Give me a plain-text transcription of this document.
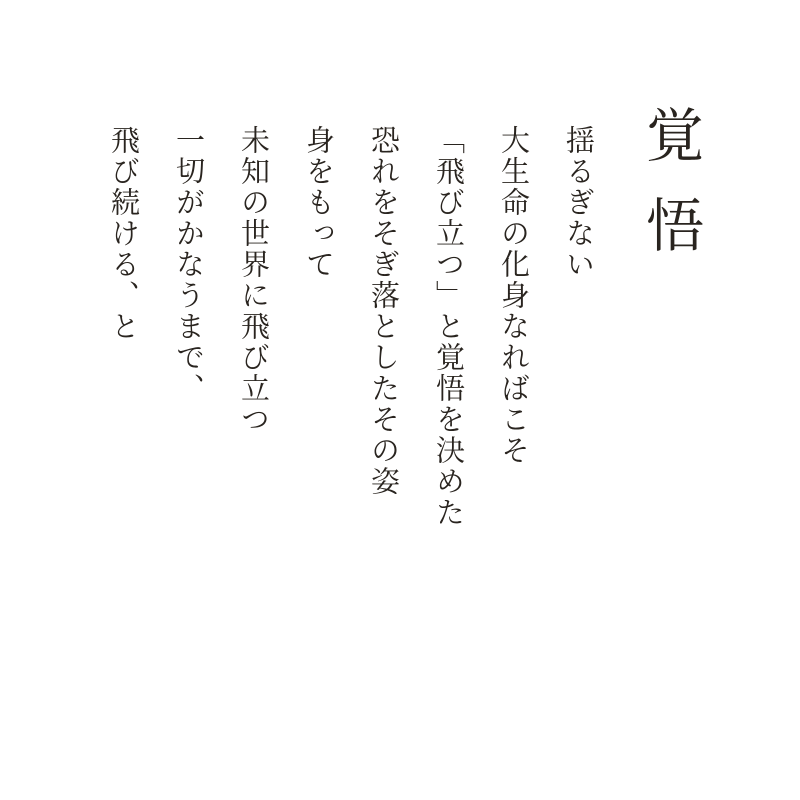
覚悟

揺るぎない

大生命の化身なればこそ

「飛び立つ」と覚悟を決めた

恐れをそぎ落としたその姿

身をもって

未知の世界に飛び立つ

一切がかなうまで、

飛び続ける、と
